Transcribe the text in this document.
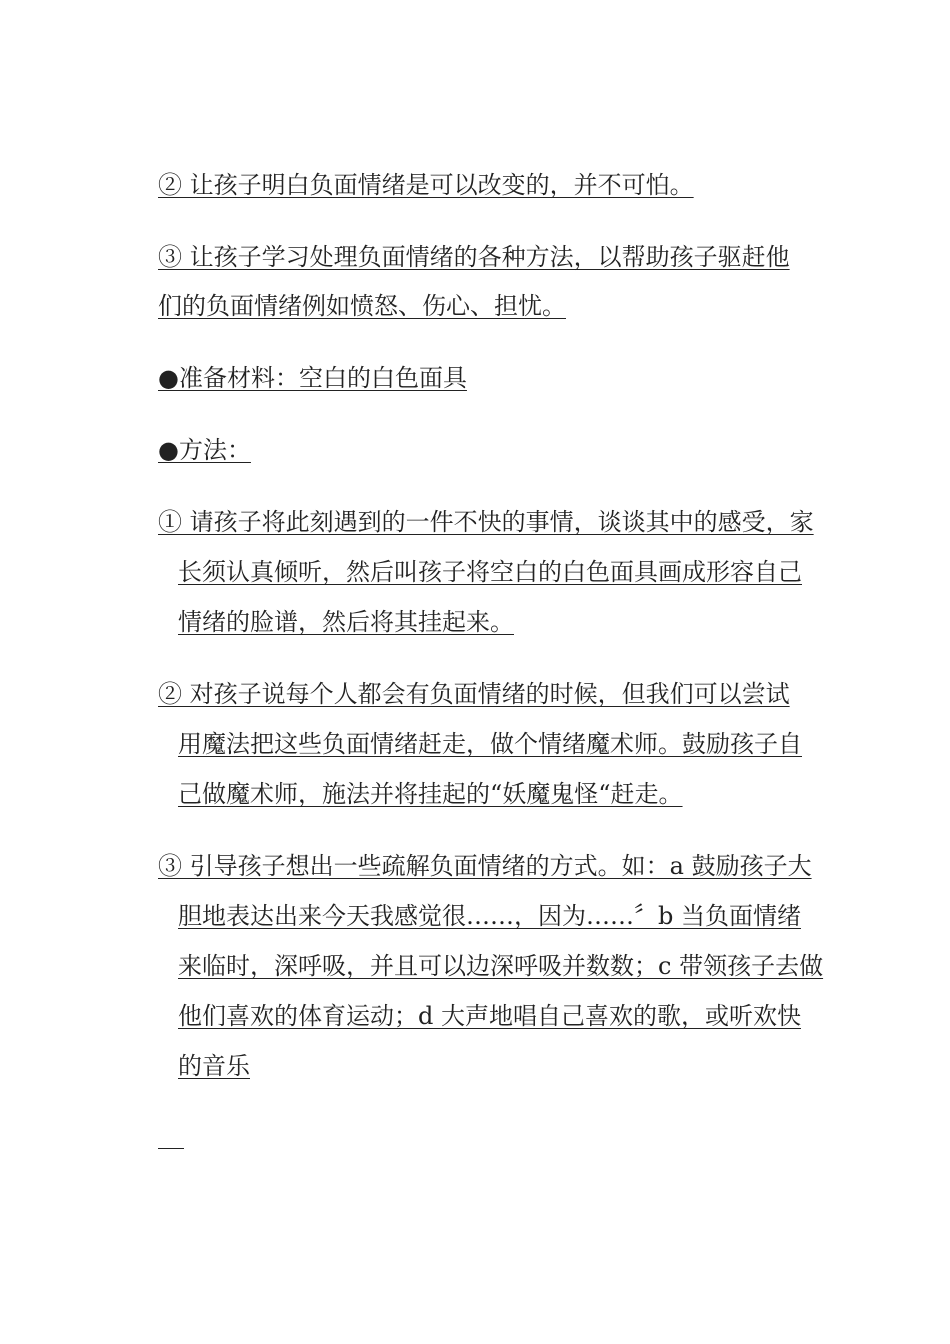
② 让孩子明白负面情绪是可以改变的，并不可怕。
③ 让孩子学习处理负面情绪的各种方法，以帮助孩子驱赶他
们的负面情绪例如愤怒、伤心、担忧。
●准备材料：空白的白色面具
●方法：
① 请孩子将此刻遇到的一件不快的事情，谈谈其中的感受，家
长须认真倾听，然后叫孩子将空白的白色面具画成形容自己
情绪的脸谱，然后将其挂起来。
② 对孩子说每个人都会有负面情绪的时候，但我们可以尝试
用魔法把这些负面情绪赶走，做个情绪魔术师。鼓励孩子自
己做魔术师，施法并将挂起的“妖魔鬼怪“赶走。
③ 引导孩子想出一些疏解负面情绪的方式。如：a 鼓励孩子大
胆地表达出来今天我感觉很……，因为……〞b 当负面情绪
来临时，深呼吸，并且可以边深呼吸并数数；c 带领孩子去做
他们喜欢的体育运动；d 大声地唱自己喜欢的歌，或听欢快
的音乐
